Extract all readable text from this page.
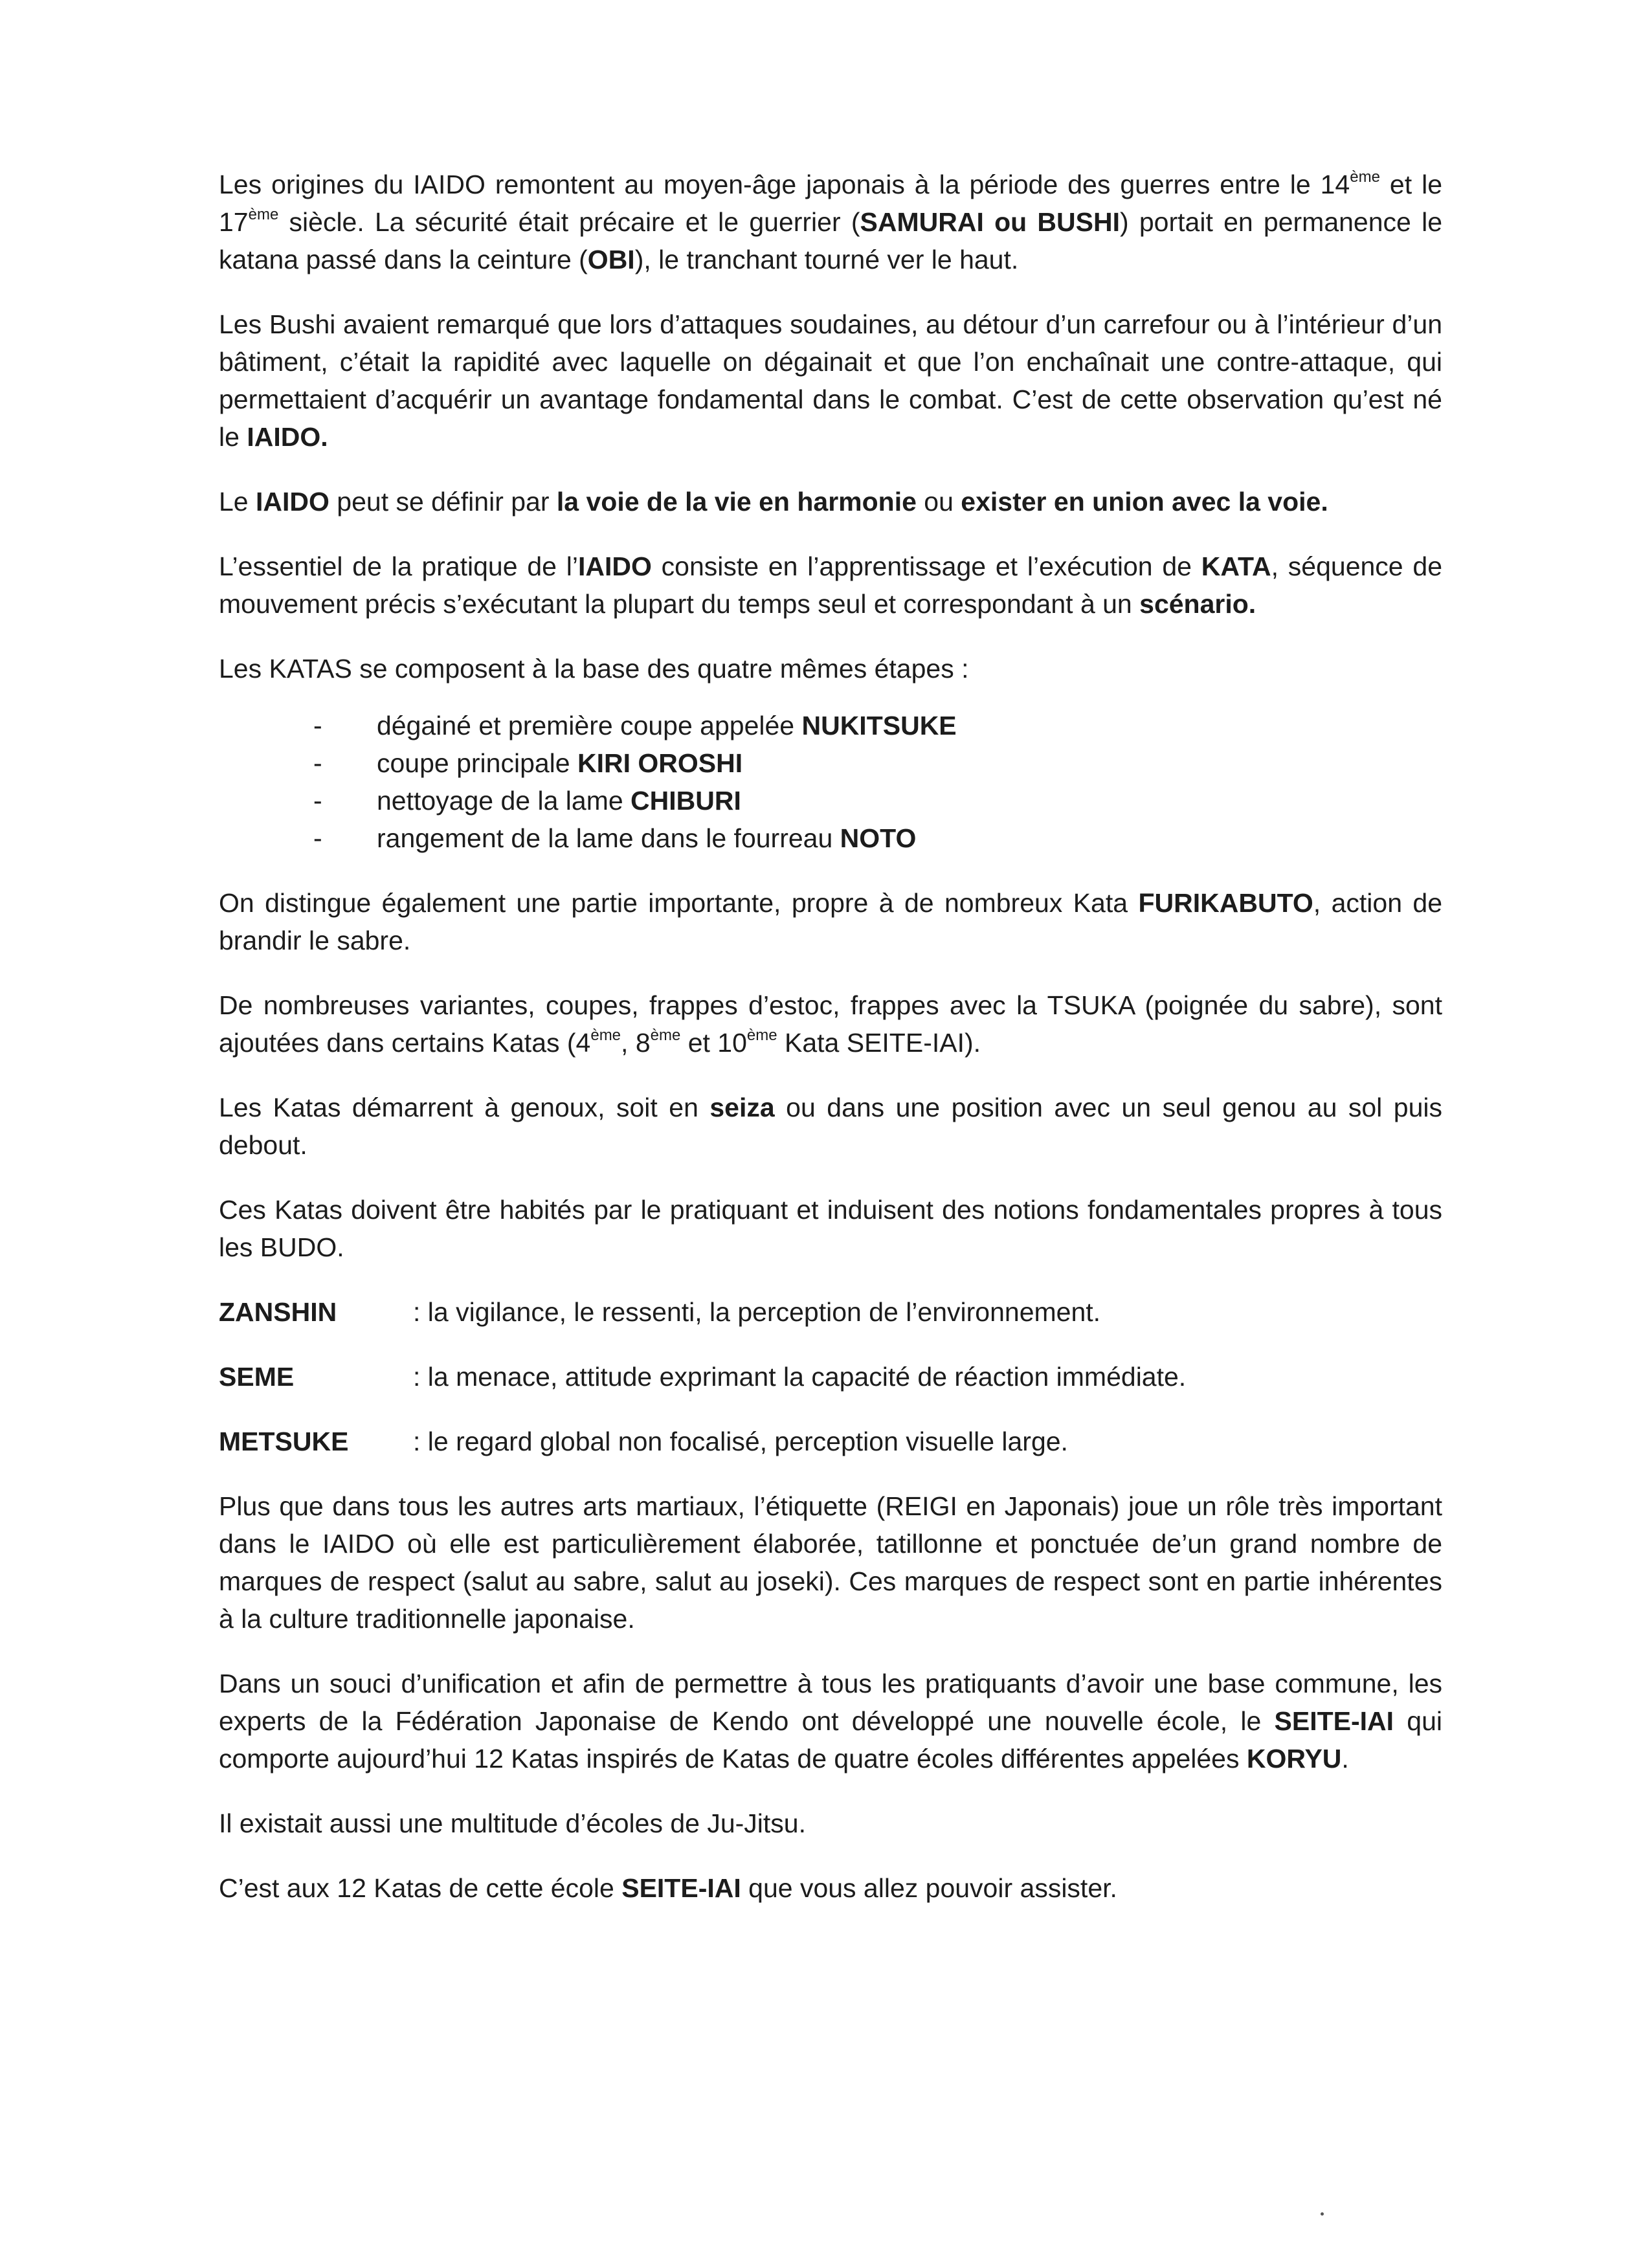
Les origines du IAIDO remontent au moyen-âge japonais à la période des guerres entre le 14ème et le 17ème siècle. La sécurité était précaire et le guerrier (SAMURAI ou BUSHI) portait en permanence le katana passé dans la ceinture (OBI), le tranchant tourné ver le haut.

Les Bushi avaient remarqué que lors d’attaques soudaines, au détour d’un carrefour ou à l’intérieur d’un bâtiment, c’était la rapidité avec laquelle on dégainait et que l’on enchaînait une contre-attaque, qui permettaient d’acquérir un avantage fondamental dans le combat. C’est de cette observation qu’est né le IAIDO.

Le IAIDO peut se définir par la voie de la vie en harmonie ou exister en union avec la voie.

L’essentiel de la pratique de l’IAIDO consiste en l’apprentissage et l’exécution de KATA, séquence de mouvement précis s’exécutant la plupart du temps seul et correspondant à un scénario.

Les KATAS se composent à la base des quatre mêmes étapes :

- dégainé et première coupe appelée NUKITSUKE
- coupe principale KIRI OROSHI
- nettoyage de la lame CHIBURI
- rangement de la lame dans le fourreau NOTO

On distingue également une partie importante, propre à de nombreux Kata FURIKABUTO, action de brandir le sabre.

De nombreuses variantes, coupes, frappes d’estoc, frappes avec la TSUKA (poignée du sabre), sont ajoutées dans certains Katas (4ème, 8ème et 10ème Kata SEITE-IAI).

Les Katas démarrent à genoux, soit en seiza ou dans une position avec un seul genou au sol puis debout.

Ces Katas doivent être habités par le pratiquant et induisent des notions fondamentales propres à tous les BUDO.

ZANSHIN	: la vigilance, le ressenti, la perception de l’environnement.
SEME	: la menace, attitude exprimant la capacité de réaction immédiate.
METSUKE	: le regard global non focalisé, perception visuelle large.

Plus que dans tous les autres arts martiaux, l’étiquette (REIGI en Japonais) joue un rôle très important dans le IAIDO où elle est particulièrement élaborée, tatillonne et ponctuée de’un grand nombre de marques de respect (salut au sabre, salut au joseki). Ces marques de respect sont en partie inhérentes à la culture traditionnelle japonaise.

Dans un souci d’unification et afin de permettre à tous les pratiquants d’avoir une base commune, les experts de la Fédération Japonaise de Kendo ont développé une nouvelle école, le SEITE-IAI qui comporte aujourd’hui 12 Katas inspirés de Katas de quatre écoles différentes appelées KORYU.

Il existait aussi une multitude d’écoles de Ju-Jitsu.

C’est aux 12 Katas de cette école SEITE-IAI que vous allez pouvoir assister.
